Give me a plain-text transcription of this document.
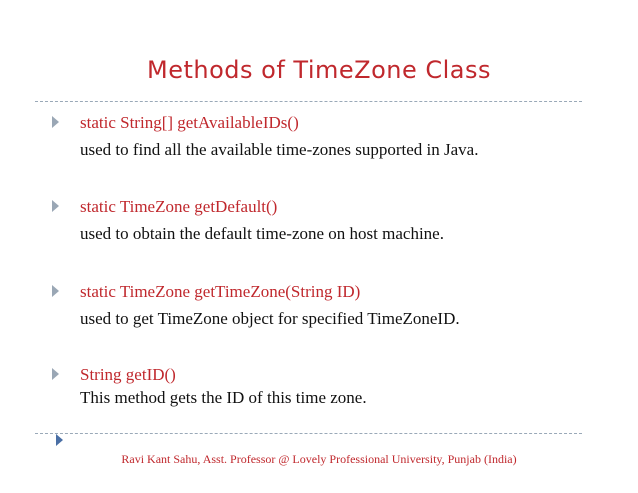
Methods of TimeZone Class
static String[] getAvailableIDs()
used to find all the available time-zones supported in Java.
static TimeZone getDefault()
used to obtain the default time-zone on host machine.
static TimeZone getTimeZone(String ID)
used to get TimeZone object for specified TimeZoneID.
String getID()
This method gets the ID of this time zone.
Ravi Kant Sahu, Asst. Professor @ Lovely Professional University, Punjab (India)
